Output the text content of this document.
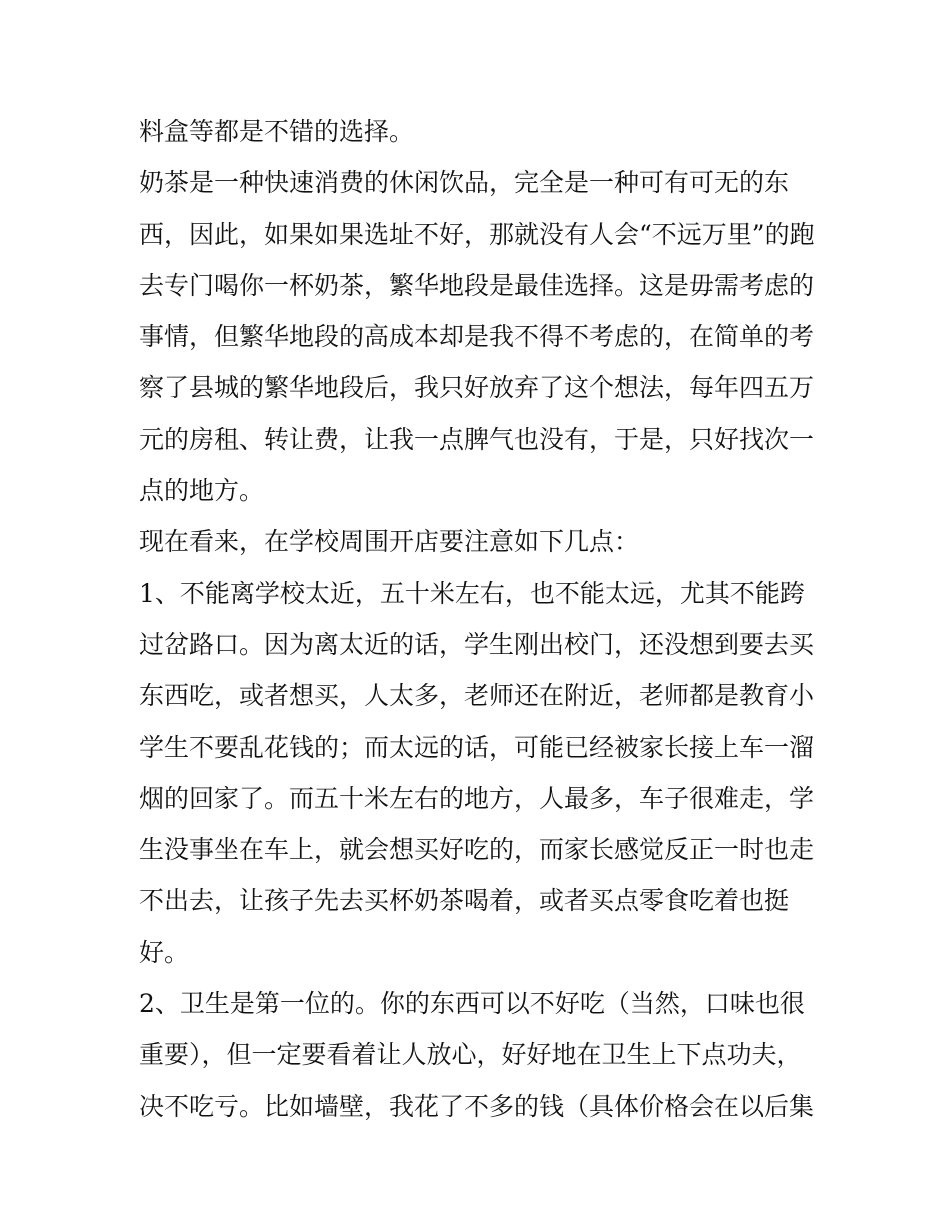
料盒等都是不错的选择。
奶茶是一种快速消费的休闲饮品，完全是一种可有可无的东
西，因此，如果如果选址不好，那就没有人会“不远万里”的跑
去专门喝你一杯奶茶，繁华地段是最佳选择。这是毋需考虑的
事情，但繁华地段的高成本却是我不得不考虑的，在简单的考
察了县城的繁华地段后，我只好放弃了这个想法，每年四五万
元的房租、转让费，让我一点脾气也没有，于是，只好找次一
点的地方。
现在看来，在学校周围开店要注意如下几点：
1、不能离学校太近，五十米左右，也不能太远，尤其不能跨
过岔路口。因为离太近的话，学生刚出校门，还没想到要去买
东西吃，或者想买，人太多，老师还在附近，老师都是教育小
学生不要乱花钱的；而太远的话，可能已经被家长接上车一溜
烟的回家了。而五十米左右的地方，人最多，车子很难走，学
生没事坐在车上，就会想买好吃的，而家长感觉反正一时也走
不出去，让孩子先去买杯奶茶喝着，或者买点零食吃着也挺
好。
2、卫生是第一位的。你的东西可以不好吃（当然，口味也很
重要），但一定要看着让人放心，好好地在卫生上下点功夫，
决不吃亏。比如墙壁，我花了不多的钱（具体价格会在以后集
